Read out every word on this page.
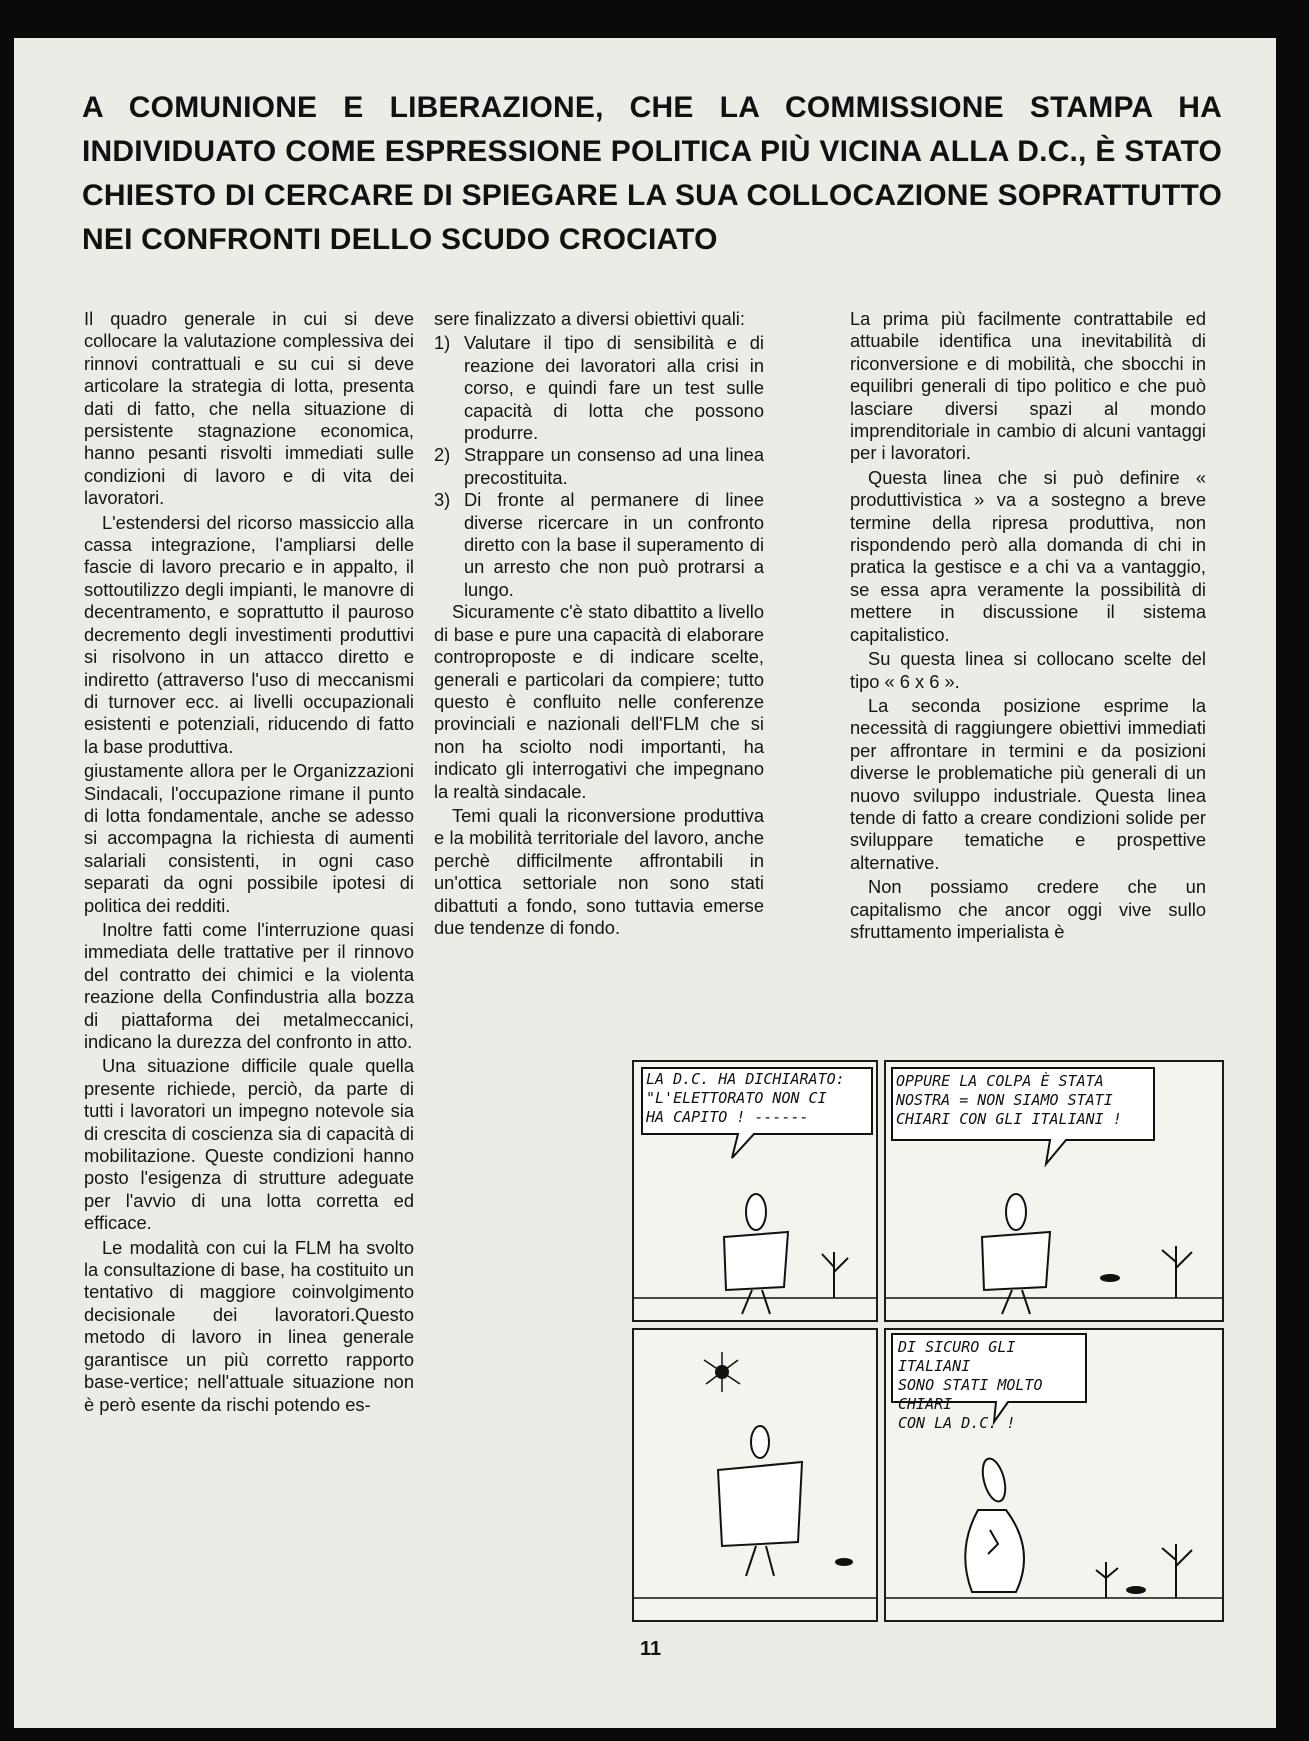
A COMUNIONE E LIBERAZIONE, CHE LA COMMISSIONE STAMPA HA INDIVIDUATO COME ESPRESSIONE POLITICA PIÙ VICINA ALLA D.C., È STATO CHIESTO DI CERCARE DI SPIEGARE LA SUA COLLOCAZIONE SOPRATTUTTO NEI CONFRONTI DELLO SCUDO CROCIATO

Il quadro generale in cui si deve collocare la valutazione complessiva dei rinnovi contrattuali e su cui si deve articolare la strategia di lotta, presenta dati di fatto, che nella situazione di persistente stagnazione economica, hanno pesanti risvolti immediati sulle condizioni di lavoro e di vita dei lavoratori.

L'estendersi del ricorso massiccio alla cassa integrazione, l'ampliarsi delle fascie di lavoro precario e in appalto, il sottoutilizzo degli impianti, le manovre di decentramento, e soprattutto il pauroso decremento degli investimenti produttivi si risolvono in un attacco diretto e indiretto (attraverso l'uso di meccanismi di turnover ecc. ai livelli occupazionali esistenti e potenziali, riducendo di fatto la base produttiva.

giustamente allora per le Organizzazioni Sindacali, l'occupazione rimane il punto di lotta fondamentale, anche se adesso si accompagna la richiesta di aumenti salariali consistenti, in ogni caso separati da ogni possibile ipotesi di politica dei redditi.

Inoltre fatti come l'interruzione quasi immediata delle trattative per il rinnovo del contratto dei chimici e la violenta reazione della Confindustria alla bozza di piattaforma dei metalmeccanici, indicano la durezza del confronto in atto.

Una situazione difficile quale quella presente richiede, perciò, da parte di tutti i lavoratori un impegno notevole sia di crescita di coscienza sia di capacità di mobilitazione. Queste condizioni hanno posto l'esigenza di strutture adeguate per l'avvio di una lotta corretta ed efficace.

Le modalità con cui la FLM ha svolto la consultazione di base, ha costituito un tentativo di maggiore coinvolgimento decisionale dei lavoratori.Questo metodo di lavoro in linea generale garantisce un più corretto rapporto base-vertice; nell'attuale situazione non è però esente da rischi potendo es-

sere finalizzato a diversi obiettivi quali:

1) Valutare il tipo di sensibilità e di reazione dei lavoratori alla crisi in corso, e quindi fare un test sulle capacità di lotta che possono produrre.
2) Strappare un consenso ad una linea precostituita.
3) Di fronte al permanere di linee diverse ricercare in un confronto diretto con la base il superamento di un arresto che non può protrarsi a lungo.

Sicuramente c'è stato dibattito a livello di base e pure una capacità di elaborare controproposte e di indicare scelte, generali e particolari da compiere; tutto questo è confluito nelle conferenze provinciali e nazionali dell'FLM che si non ha sciolto nodi importanti, ha indicato gli interrogativi che impegnano la realtà sindacale.

Temi quali la riconversione produttiva e la mobilità territoriale del lavoro, anche perchè difficilmente affrontabili in un'ottica settoriale non sono stati dibattuti a fondo, sono tuttavia emerse due tendenze di fondo.

La prima più facilmente contrattabile ed attuabile identifica una inevitabilità di riconversione e di mobilità, che sbocchi in equilibri generali di tipo politico e che può lasciare diversi spazi al mondo imprenditoriale in cambio di alcuni vantaggi per i lavoratori.

Questa linea che si può definire « produttivistica » va a sostegno a breve termine della ripresa produttiva, non rispondendo però alla domanda di chi in pratica la gestisce e a chi va a vantaggio, se essa apra veramente la possibilità di mettere in discussione il sistema capitalistico.

Su questa linea si collocano scelte del tipo « 6 x 6 ».

La seconda posizione esprime la necessità di raggiungere obiettivi immediati per affrontare in termini e da posizioni diverse le problematiche più generali di un nuovo sviluppo industriale. Questa linea tende di fatto a creare condizioni solide per sviluppare tematiche e prospettive alternative.

Non possiamo credere che un capitalismo che ancor oggi vive sullo sfruttamento imperialista è

LA D.C. HA DICHIARATO:
"L'ELETTORATO NON CI
HA CAPITO ! ------
OPPURE LA COLPA È STATA
NOSTRA = NON SIAMO STATI
CHIARI CON GLI ITALIANI !
DI SICURO GLI ITALIANI
SONO STATI MOLTO CHIARI
CON LA D.C. !
11
